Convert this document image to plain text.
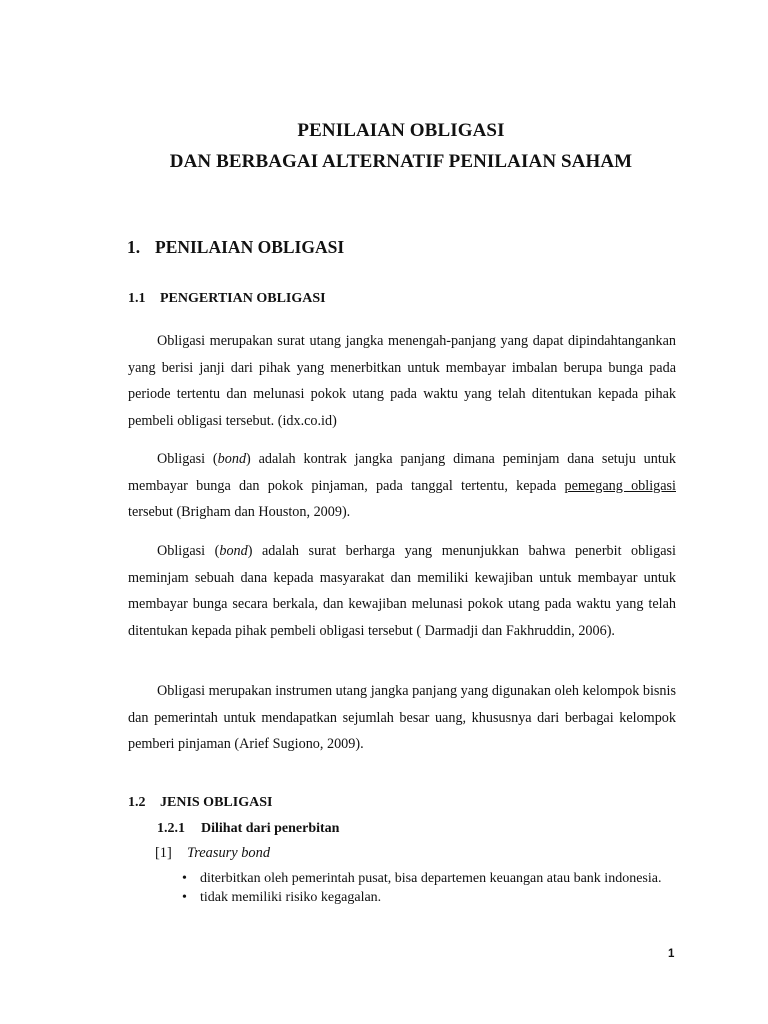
PENILAIAN OBLIGASI
DAN BERBAGAI ALTERNATIF PENILAIAN SAHAM
1. PENILAIAN OBLIGASI
1.1 PENGERTIAN OBLIGASI

Obligasi merupakan surat utang jangka menengah-panjang yang dapat dipindahtangankan yang berisi janji dari pihak yang menerbitkan untuk membayar imbalan berupa bunga pada periode tertentu dan melunasi pokok utang pada waktu yang telah ditentukan kepada pihak pembeli obligasi tersebut. (idx.co.id)

Obligasi (bond) adalah kontrak jangka panjang dimana peminjam dana setuju untuk membayar bunga dan pokok pinjaman, pada tanggal tertentu, kepada pemegang obligasi tersebut (Brigham dan Houston, 2009).

Obligasi (bond) adalah surat berharga yang menunjukkan bahwa penerbit obligasi meminjam sebuah dana kepada masyarakat dan memiliki kewajiban untuk membayar untuk membayar bunga secara berkala, dan kewajiban melunasi pokok utang pada waktu yang telah ditentukan kepada pihak pembeli obligasi tersebut ( Darmadji dan Fakhruddin, 2006).

Obligasi merupakan instrumen utang jangka panjang yang digunakan oleh kelompok bisnis dan pemerintah untuk mendapatkan sejumlah besar uang, khususnya dari berbagai kelompok pemberi pinjaman (Arief Sugiono, 2009).

1.2 JENIS OBLIGASI
1.2.1 Dilihat dari penerbitan
[1] Treasury bond
• diterbitkan oleh pemerintah pusat, bisa departemen keuangan atau bank indonesia.
• tidak memiliki risiko kegagalan.
1
